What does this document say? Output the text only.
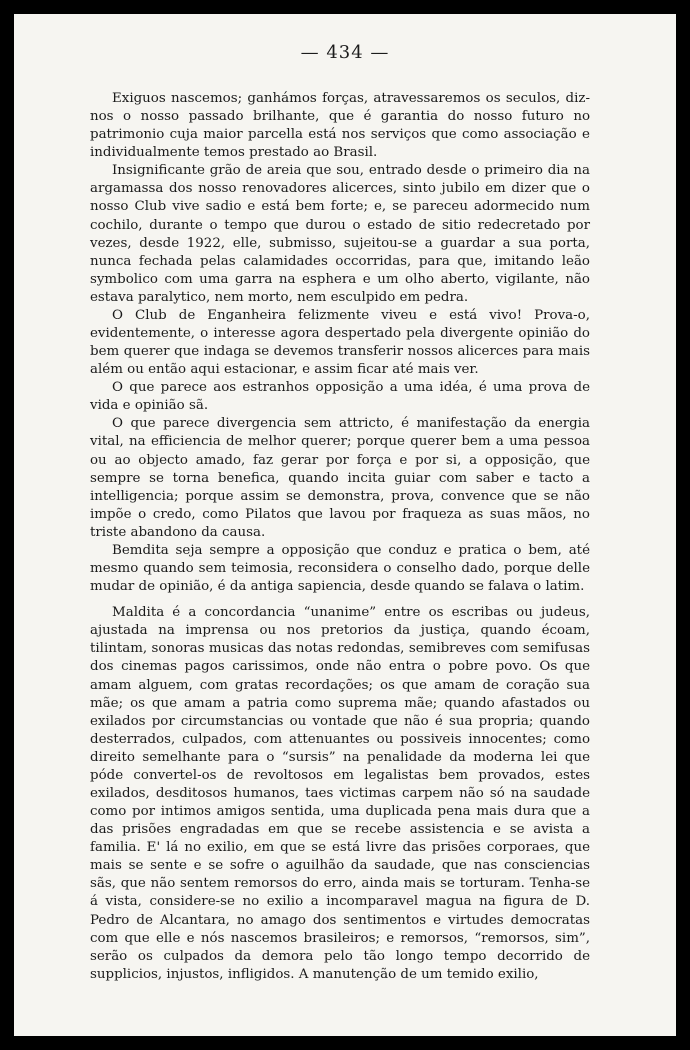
— 434 —

Exiguos nascemos; ganhámos forças, atravessaremos os seculos, diz-nos o nosso passado brilhante, que é garantia do nosso futuro no patrimonio cuja maior parcella está nos serviços que como associação e individualmente temos prestado ao Brasil.

Insignificante grão de areia que sou, entrado desde o primeiro dia na argamassa dos nosso renovadores alicerces, sinto jubilo em dizer que o nosso Club vive sadio e está bem forte; e, se pareceu adormecido num cochilo, durante o tempo que durou o estado de sitio redecretado por vezes, desde 1922, elle, submisso, sujeitou-se a guardar a sua porta, nunca fechada pelas calamidades occorridas, para que, imitando leão symbolico com uma garra na esphera e um olho aberto, vigilante, não estava paralytico, nem morto, nem esculpido em pedra.

O Club de Enganheira felizmente viveu e está vivo! Prova-o, evidentemente, o interesse agora despertado pela divergente opinião do bem querer que indaga se devemos transferir nossos alicerces para mais além ou então aqui estacionar, e assim ficar até mais ver.

O que parece aos estranhos opposição a uma idéa, é uma prova de vida e opinião sã.

O que parece divergencia sem attricto, é manifestação da energia vital, na efficiencia de melhor querer; porque querer bem a uma pessoa ou ao objecto amado, faz gerar por força e por si, a opposição, que sempre se torna benefica, quando incita guiar com saber e tacto a intelligencia; porque assim se demonstra, prova, convence que se não impõe o credo, como Pilatos que lavou por fraqueza as suas mãos, no triste abandono da causa.

Bemdita seja sempre a opposição que conduz e pratica o bem, até mesmo quando sem teimosia, reconsidera o conselho dado, porque delle mudar de opinião, é da antiga sapiencia, desde quando se falava o latim.

Maldita é a concordancia “unanime” entre os escribas ou judeus, ajustada na imprensa ou nos pretorios da justiça, quando écoam, tilintam, sonoras musicas das notas redondas, semibreves com semifusas dos cinemas pagos carissimos, onde não entra o pobre povo. Os que amam alguem, com gratas recordações; os que amam de coração sua mãe; os que amam a patria como suprema mãe; quando afastados ou exilados por circumstancias ou vontade que não é sua propria; quando desterrados, culpados, com attenuantes ou possiveis innocentes; como direito semelhante para o “sursis” na penalidade da moderna lei que póde convertel-os de revoltosos em legalistas bem provados, estes exilados, desditosos humanos, taes victimas carpem não só na saudade como por intimos amigos sentida, uma duplicada pena mais dura que a das prisões engradadas em que se recebe assistencia e se avista a familia. E' lá no exilio, em que se está livre das prisões corporaes, que mais se sente e se sofre o aguilhão da saudade, que nas consciencias sãs, que não sentem remorsos do erro, ainda mais se torturam. Tenha-se á vista, considere-se no exilio a incomparavel magua na figura de D. Pedro de Alcantara, no amago dos sentimentos e virtudes democratas com que elle e nós nascemos brasileiros; e remorsos, “remorsos, sim”, serão os culpados da demora pelo tão longo tempo decorrido de supplicios, injustos, infligidos. A manutenção de um temido exilio,
